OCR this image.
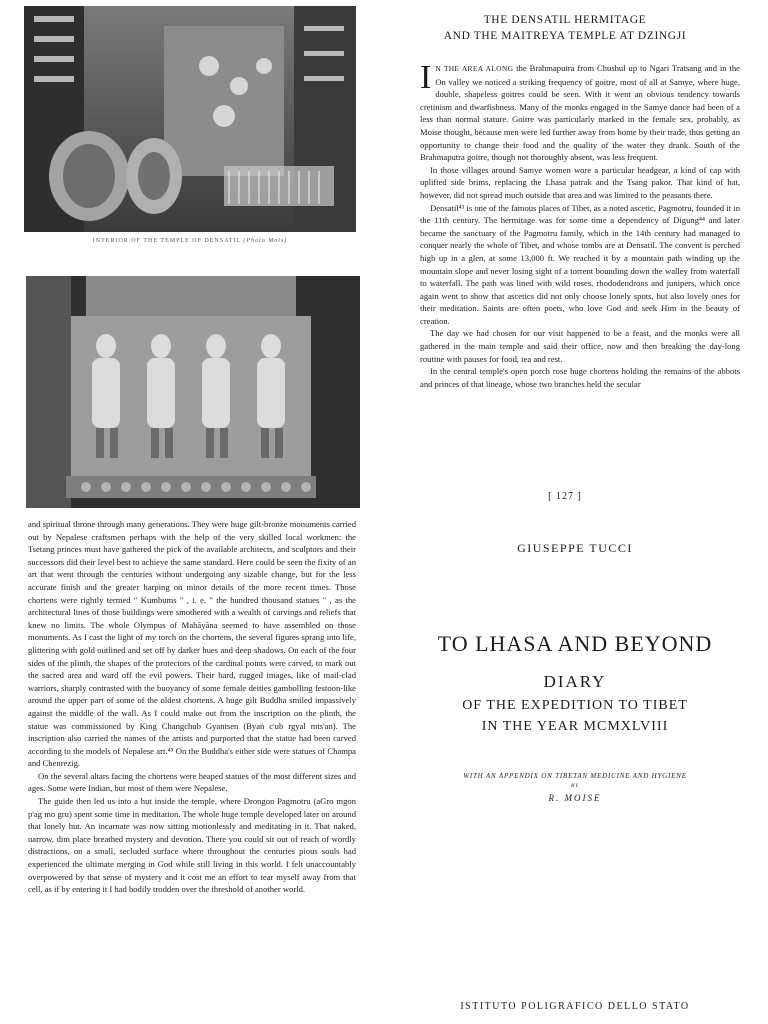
INTERIOR OF THE TEMPLE OF DENSATIL (Photo Moïs)
THE DENSATIL HERMITAGE
AND THE MAITREYA TEMPLE AT DZINGJI

I N THE AREA ALONG the Brahmaputra from Chushul up to Ngari Tratsang and in the On valley we noticed a striking frequency of goitre, most of all at Samye, where huge, double, shapeless goitres could be seen. With it went an obvious tendency towards cretinism and dwarfishness. Many of the monks engaged in the Samye dance had been of a less than normal stature. Goitre was particularly marked in the female sex, probably, as Moise thought, because men were led further away from home by their trade, thus getting an opportunity to change their food and the quality of the water they drank. South of the Brahmaputra goitre, though not thoroughly absent, was less frequent.

In those villages around Samye women wore a particular headgear, a kind of cap with uplifted side brims, replacing the Lhasa patrak and the Tsang pakor. That kind of hat, however, did not spread much outside that area and was limited to the peasants there.

Densatil⁴³ is one of the famous places of Tibet, as a noted ascetic, Pagmotru, founded it in the 11th century. The hermitage was for some time a dependency of Digung⁴⁴ and later became the sanctuary of the Pagmotru family, which in the 14th century had managed to conquer nearly the whole of Tibet, and whose tombs are at Densatil. The convent is perched high up in a glen, at some 13,000 ft. We reached it by a mountain path winding up the mountain slope and never losing sight of a torrent bounding down the walley from waterfall to waterfall. The path was lined with wild roses, rhododendrons and junipers, which once again went to show that ascetics did not only choose lonely spots, but also lovely ones for their meditation. Saints are often poets, who love God and seek Him in the beauty of creation.

The day we had chosen for our visit happened to be a feast, and the monks were all gathered in the main temple and said their office, now and then breaking the day-long routine with pauses for food, tea and rest.

In the central temple's open porch rose huge chortens holding the remains of the abbots and princes of that lineage, whose two branches held the secular

[ 127 ]

and spiritual throne through many generations. They were huge gilt-bronze monuments carried out by Nepalese craftsmen perhaps with the help of the very skilled local workmen: the Tsetang princes must have gathered the pick of the available architects, and sculptors and their successors did their level best to achieve the same standard. Here could be seen the fixity of an art that went through the centuries without undergoing any sizable change, but for the less accurate finish and the greater harping on minor details of the more recent times. Those chortens were rightly termed " Kumbums " , i. e. " the hundred thousand statues " , as the architectural lines of those buildings were smothered with a wealth of carvings and reliefs that knew no limits. The whole Olympus of Mahāyāna seemed to have assembled on those monuments. As I cast the light of my torch on the chortens, the several figures sprang into life, glittering with gold outlined and set off by darker hues and deep shadows. On each of the four sides of the plinth, the shapes of the protectors of the cardinal points were carved, to mark out the sacred area and ward off the evil powers. Their hard, rugged images, like of mail-clad warriors, sharply contrasted with the buoyancy of some female deities gambolling festoon-like around the upper part of some of the oldest chortens. A huge gilt Buddha smiled impassively against the middle of the wall. As I could make out from the inscription on the plinth, the statue was commissioned by King Changchub Gyantsen (Byaṅ c'ub rgyal mts'an). The inscription also carried the names of the artists and purported that the statue had been carved according to the models of Nepalese art.⁴⁵ On the Buddha's either side were statues of Champa and Chenrezig.

On the several altars facing the chortens were heaped statues of the most different sizes and ages. Some were Indian, but most of them were Nepalese.

The guide then led us into a hut inside the temple, where Drongon Pagmotru (aGro mgon p'ag mo gru) spent some time in meditation. The whole huge temple developed later on around that lonely hut. An incarnate was now sitting motionlessly and meditating in it. That naked, narrow, dim place breathed mystery and devotion. There you could sit out of reach of wordly distractions, on a small, secluded surface where throughout the centuries pious souls had experienced the ultimate merging in God while still living in this world. I felt unaccountably overpowered by that sense of mystery and it cost me an effort to tear myself away from that cell, as if by entering it I had bodily trodden over the threshold of another world.

GIUSEPPE TUCCI
TO LHASA AND BEYOND
DIARY
OF THE EXPEDITION TO TIBET
IN THE YEAR MCMXLVIII
WITH AN APPENDIX ON TIBETAN MEDICINE AND HYGIENE
BY
R. MOISE
ISTITUTO POLIGRAFICO DELLO STATO
